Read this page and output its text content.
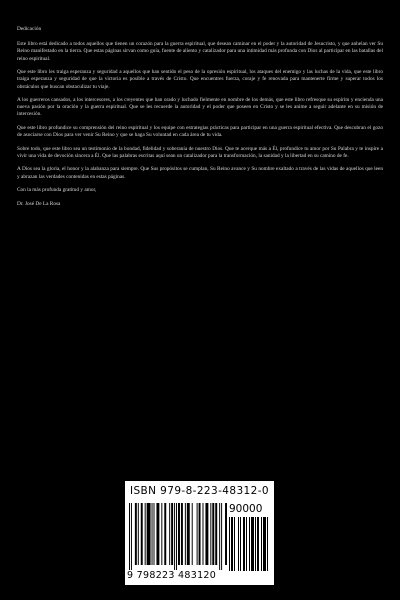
Dedicación

Este libro está dedicado a todos aquellos que tienen un corazón para la guerra espiritual, que desean caminar en el poder y la autoridad de Jesucristo, y que anhelan ver Su Reino manifestado en la tierra. Que estas páginas sirvan como guía, fuente de aliento y catalizador para una intimidad más profunda con Dios al participar en las batallas del reino espiritual.

Que este libro les traiga esperanza y seguridad a aquellos que han sentido el peso de la opresión espiritual, los ataques del enemigo y las luchas de la vida, que este libro traiga esperanza y seguridad de que la victoria es posible a través de Cristo. Que encuentres fuerza, coraje y fe renovada para mantenerte firme y superar todos los obstáculos que buscan obstaculizar tu viaje.

A los guerreros cansados, a los intercesores, a los creyentes que han orado y luchado fielmente en nombre de los demás, que este libro refresque su espíritu y encienda una nueva pasión por la oración y la guerra espiritual. Que se les recuerde la autoridad y el poder que poseen en Cristo y se les anime a seguir adelante en su misión de intercesión.

Que este libro profundice su comprensión del reino espiritual y los equipe con estrategias prácticas para participar en una guerra espiritual efectiva. Que descubran el gozo de asociarse con Dios para ver venir Su Reino y que se haga Su voluntad en cada área de tu vida.

Sobre todo, que este libro sea un testimonio de la bondad, fidelidad y soberanía de nuestro Dios. Que te acerque más a Él, profundice tu amor por Su Palabra y te inspire a vivir una vida de devoción sincera a Él. Que las palabras escritas aquí sean un catalizador para la transformación, la sanidad y la libertad en su camino de fe.

A Dios sea la gloria, el honor y la alabanza para siempre. Que Sus propósitos se cumplan, Su Reino avance y Su nombre exaltado a través de las vidas de aquellos que leen y abrazan las verdades contenidas en estas páginas.

Con la más profunda gratitud y amor,

Dr. José De La Rosa

ISBN 979-8-223-48312-0
90000
9 798223 483120
